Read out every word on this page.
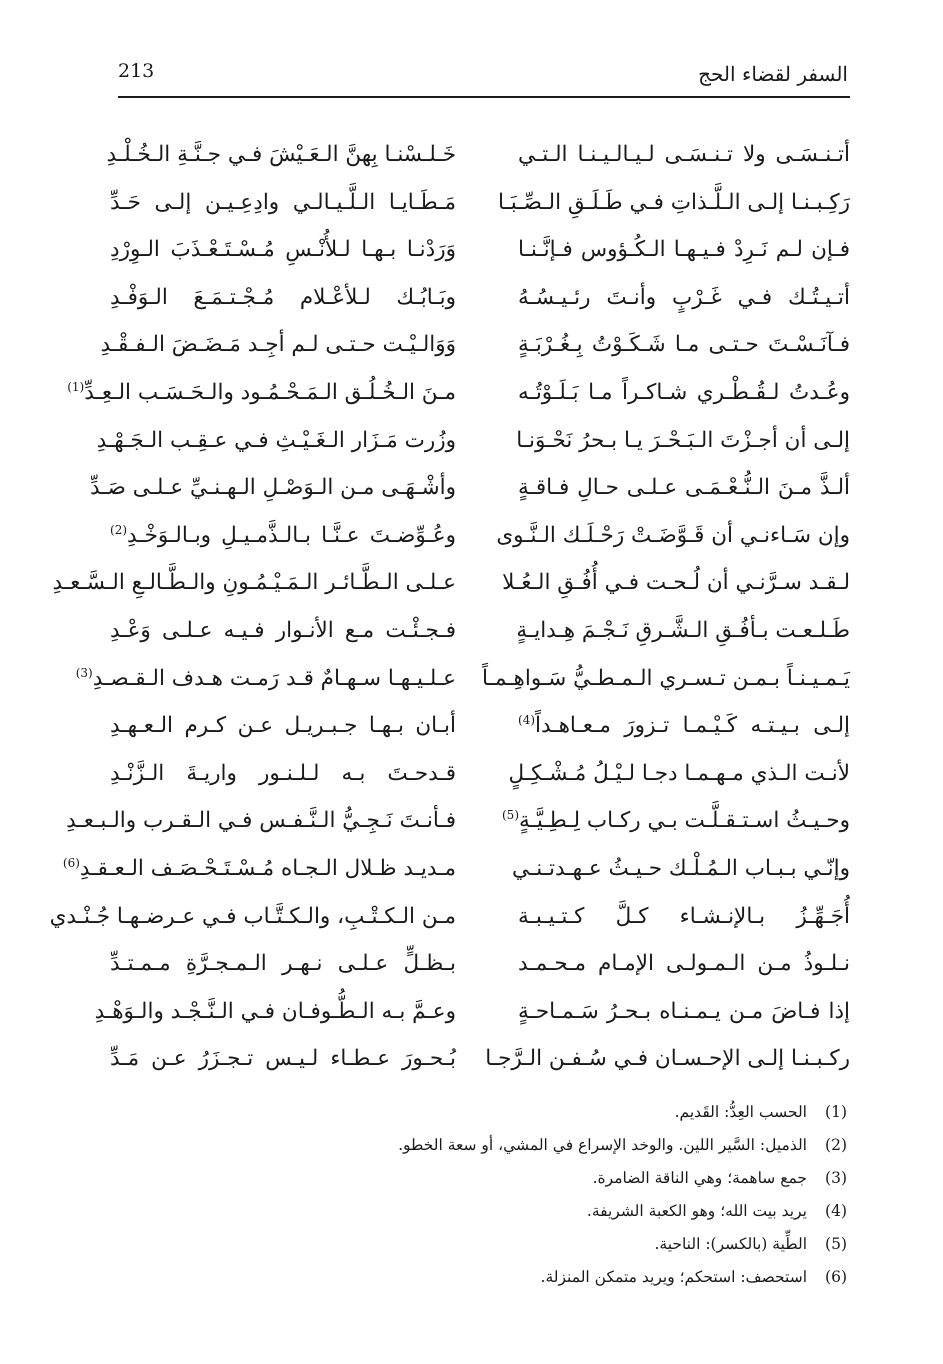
213	السفر لقضاء الحج
أتـنـسَـى ولا تـنـسَـى لـيـالـيـنـا الـتـي
خَـلـسْنـا بِهنَّ الـعَـيْشَ فـي جـنَّـةِ الـخُـلْـدِ
رَكِـبـنـا إلـى الـلَّـذاتِ فـي طَـلَـقِ الـصِّـبَـا
مَـطَـايـا الـلَّـيـالـي وادِعِـيـن إلـى حَـدِّ
فـإن لـم نَـرِدْ فـيـهـا الـكُـؤوس فـإنَّـنـا
وَرَدْنـا بـهـا لـلأُنْـسِ مُـسْـتَـعْـذَبَ الـوِرْدِ
أتـيـتُـك فـي غَـرْبٍ وأنـتَ رئـيـسُـهُ
وبَـابُـك لـلأعْـلام مُـجْـتـمَـعَ الـوَفْـدِ
فـآنَـسْـتَ حـتـى مـا شَـكَـوْتُ بِـغُـرْبَـةٍ
وَوَالـيْـت حـتـى لـم أجِـد مَـضَـضَ الـفـقْـدِ
وعُـدتُ لـقُـطْـري شـاكـراً مـا بَـلَـوْتُـه
مـنَ الـخُـلُـق الـمَـحْـمُـود والـحَـسَـب الـعِـدِّ$^{(1)}$
إلـى أن أجـزْتَ الـبَـحْـرَ يـا بـحرُ نَحْـوَنـا
وزُرت مَـزَار الـغَـيْـثِ فـي عـقِـب الـجَـهْـدِ
ألـذَّ مـنَ الـنُّـعْـمَـى عـلـى حـالِ فـاقـةٍ
وأشْـهَـى مـن الـوَصْـلِ الـهـنـيِّ عـلـى صَـدِّ
وإن سَـاءنـي أن قَـوَّضَـتْ رَحْـلَـك الـنَّـوى
وعُـوِّضـتَ عـنَّـا بـالـذَّمـيـلِ وبـالـوَخْـدِ$^{(2)}$
لـقـد سـرَّنـي أن لُـحـت فـي أُفُـقِ الـعُـلا
عـلـى الـطَّـائـر الـمَـيْـمُـونِ والـطَّـالـعِ الـسَّـعـدِ
طَـلـعـت بـأفُـقِ الـشَّـرقِ نَـجْـمَ هِـدايـةٍ
فـجـئْـت مـع الأنـوار فـيـه عـلـى وَعْـدِ
يَـمـيـنـاً بـمـن تـسـري الـمـطـيُّ سَـواهِـمـاً
عـلـيـهـا سـهـامٌ قـد رَمـت هـدف الـقـصـدِ$^{(3)}$
إلـى بـيـتـه كَـيْـمـا تـزورَ مـعـاهـداً$^{(4)}$
أبـان بـهـا جـبـريـل عـن كـرم الـعـهـدِ
لأنـت الـذي مـهـمـا دجـا لـيْـلُ مُـشْـكِـلٍ
قـدحـتَ بـه لـلـنـور واريـةَ الـزَّنْـدِ
وحـيـثُ اسـتـقـلَّـت بـي ركـاب لِـطِـيَّـةٍ$^{(5)}$
فـأنـتَ نَـجِـيُّ الـنَّـفـس فـي الـقـرب والـبـعـدِ
وإنّـي بـبـاب الـمُـلْـك حـيـثُ عـهـدتـنـي
مـديـد ظـلال الـجـاه مُـسْـتَـحْـصَـف الـعـقـدِ$^{(6)}$
أُجَـهِّـزُ بـالإنـشـاء كـلَّ كـتـيـبـة
مـن الـكـتْـبِ، والـكـتَّـاب فـي عـرضـهـا جُـنْـدي
نـلـوذُ مـن الـمـولـى الإمـام مـحـمـد
بـظـلٍّ عـلـى نـهـر الـمـجـرَّةِ مـمـتـدِّ
إذا فـاضَ مـن يـمـنـاه بـحـرُ سَـمـاحـةٍ
وعـمَّ بـه الـطُّـوفـان فـي الـنَّـجْـد والـوَهْـدِ
ركـبـنـا إلـى الإحـسـان فـي سُـفـن الـرَّجـا
بُـحـورَ عـطـاء لـيـس تـجـزَرُ عـن مَـدِّ
(1)الحسب العِدُّ: القَديم.
(2)الذميل: السَّير اللين. والوخد الإسراع في المشي، أو سعة الخطو.
(3)جمع ساهمة؛ وهي الناقة الضامرة.
(4)يريد بيت الله؛ وهو الكعبة الشريفة.
(5)الطِّية (بالكسر): الناحية.
(6)استحصف: استحكم؛ ويريد متمكن المنزلة.
